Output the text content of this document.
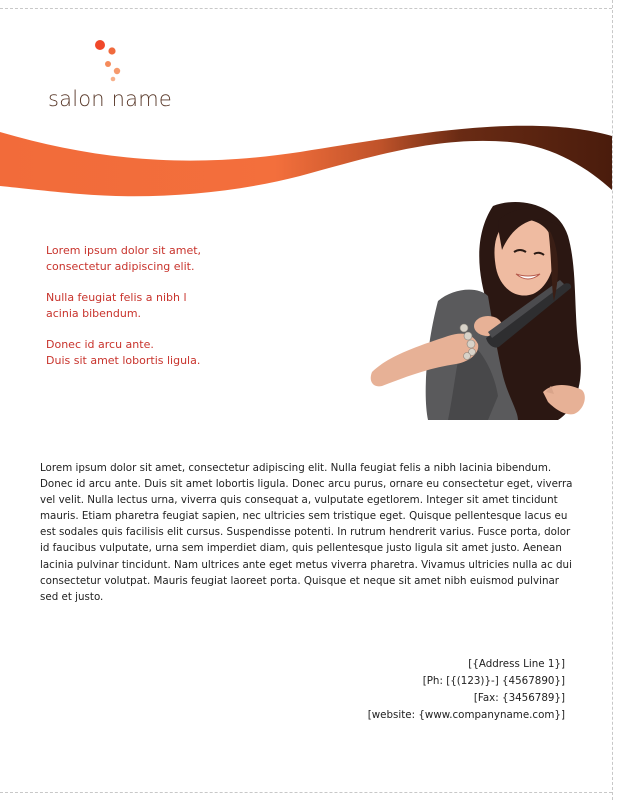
salon name

Lorem ipsum dolor sit amet,
consectetur adipiscing elit.

Nulla feugiat felis a nibh l
acinia bibendum.

Donec id arcu ante.
Duis sit amet lobortis ligula.

Lorem ipsum dolor sit amet, consectetur adipiscing elit. Nulla feugiat felis a nibh lacinia bibendum. Donec id arcu ante. Duis sit amet lobortis ligula. Donec arcu purus, ornare eu consectetur eget, viverra vel velit. Nulla lectus urna, viverra quis consequat a, vulputate egetlorem. Integer sit amet tincidunt mauris. Etiam pharetra feugiat sapien, nec ultricies sem tristique eget. Quisque pellentesque lacus eu est sodales quis facilisis elit cursus. Suspendisse potenti. In rutrum hendrerit varius. Fusce porta, dolor id faucibus vulputate, urna sem imperdiet diam, quis pellentesque justo ligula sit amet justo. Aenean lacinia pulvinar tincidunt. Nam ultrices ante eget metus viverra pharetra. Vivamus ultricies nulla ac dui consectetur volutpat. Mauris feugiat laoreet porta. Quisque et neque sit amet nibh euismod pulvinar sed et justo.
[{Address Line 1}]
[Ph: [{(123)}-] {4567890}]
[Fax: {3456789}]
[website: {www.companyname.com}]
